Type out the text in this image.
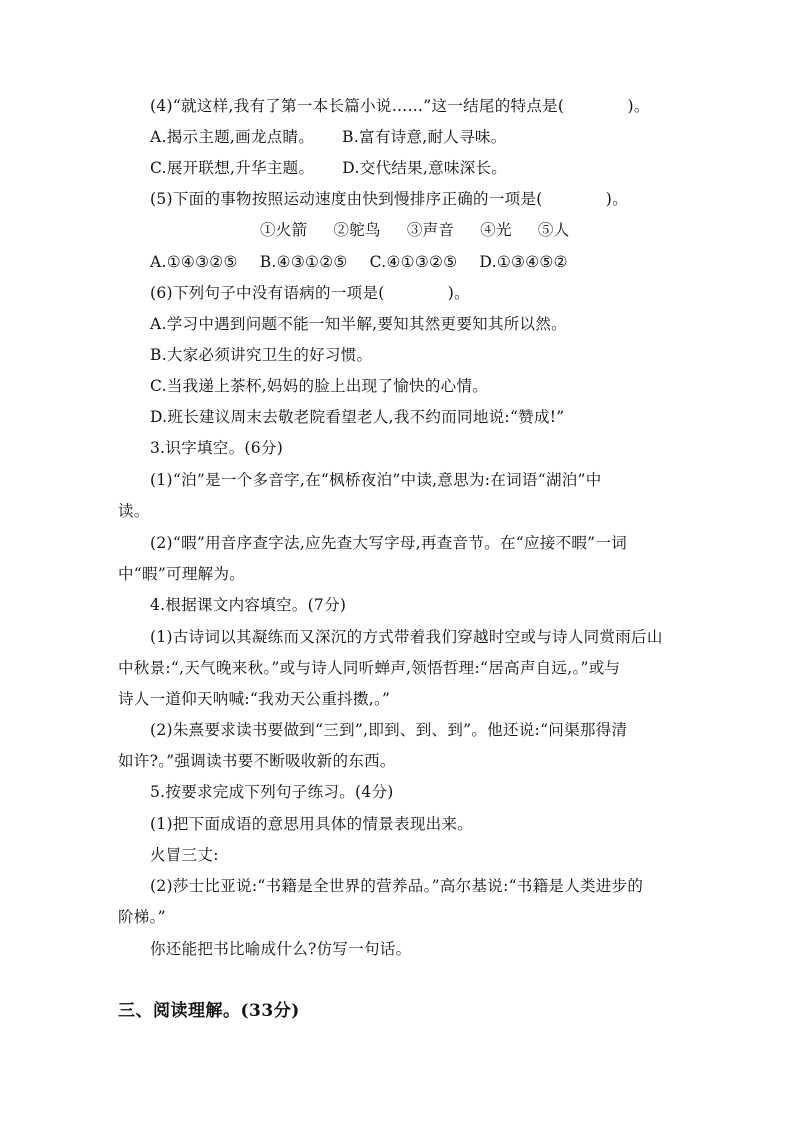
(4)“就这样,我有了第一本长篇小说……”这一结尾的特点是(　　　　)。
A.揭示主题,画龙点睛。 B.富有诗意,耐人寻味。
C.展开联想,升华主题。 D.交代结果,意味深长。
(5)下面的事物按照运动速度由快到慢排序正确的一项是(　　　　)。
①火箭 ②鸵鸟 ③声音 ④光 ⑤人
A.①④③②⑤ B.④③①②⑤ C.④①③②⑤ D.①③④⑤②
(6)下列句子中没有语病的一项是(　　　　)。
A.学习中遇到问题不能一知半解,要知其然更要知其所以然。
B.大家必须讲究卫生的好习惯。
C.当我递上茶杯,妈妈的脸上出现了愉快的心情。
D.班长建议周末去敬老院看望老人,我不约而同地说:“赞成!”
3.识字填空。(6分)
(1)“泊”是一个多音字,在“枫桥夜泊”中读,意思为:在词语“湖泊”中
读。
(2)“暇”用音序查字法,应先查大写字母,再查音节。在“应接不暇”一词
中“暇”可理解为。
4.根据课文内容填空。(7分)
(1)古诗词以其凝练而又深沉的方式带着我们穿越时空或与诗人同赏雨后山
中秋景:“,天气晚来秋。”或与诗人同听蝉声,领悟哲理:“居高声自远,。”或与
诗人一道仰天呐喊:“我劝天公重抖擞,。”
(2)朱熹要求读书要做到“三到”,即到、到、到”。他还说:“问渠那得清
如许?。”强调读书要不断吸收新的东西。
5.按要求完成下列句子练习。(4分)
(1)把下面成语的意思用具体的情景表现出来。
火冒三丈:
(2)莎士比亚说:“书籍是全世界的营养品。”高尔基说:“书籍是人类进步的
阶梯。”
你还能把书比喻成什么?仿写一句话。
三、阅读理解。(33分)
